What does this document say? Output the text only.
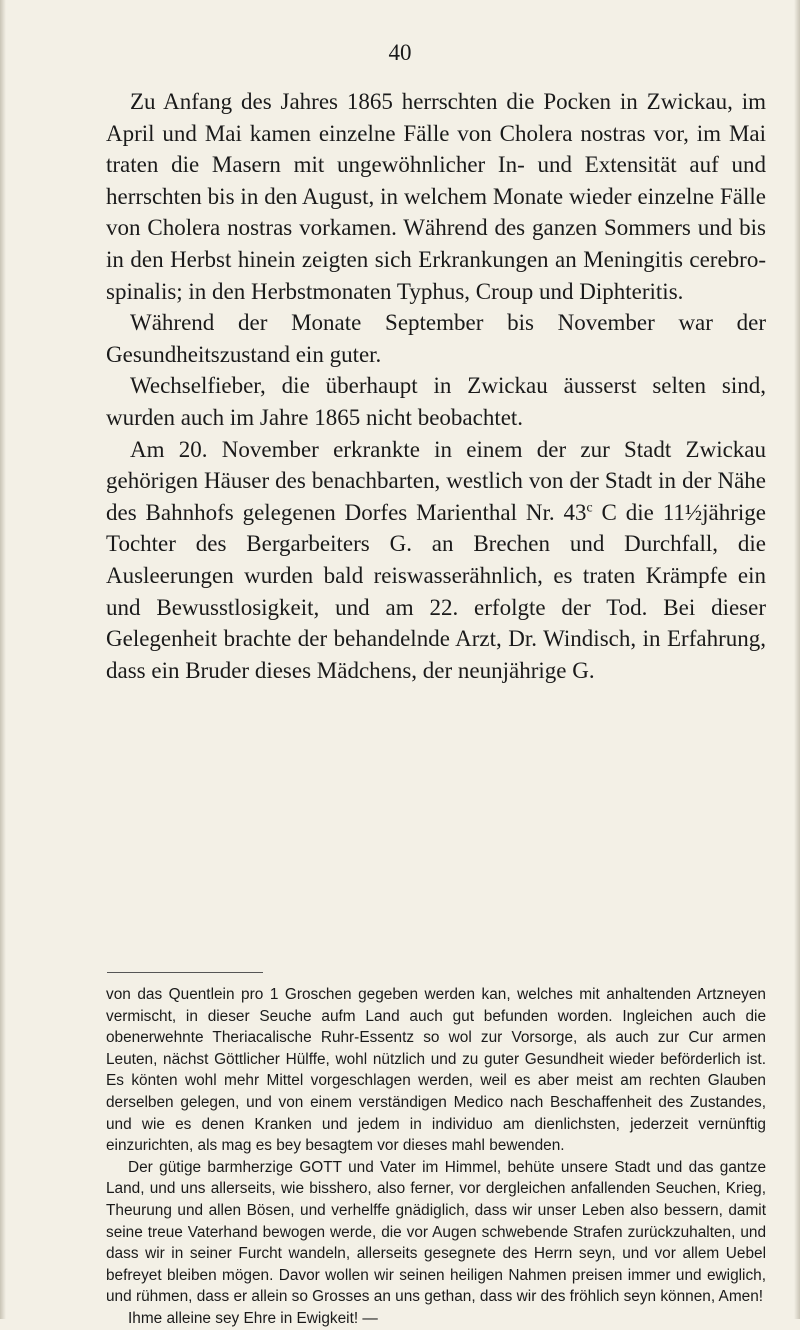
40

Zu Anfang des Jahres 1865 herrschten die Pocken in Zwickau, im April und Mai kamen einzelne Fälle von Cholera nostras vor, im Mai traten die Masern mit ungewöhnlicher In- und Extensität auf und herrschten bis in den August, in welchem Monate wieder einzelne Fälle von Cholera nostras vorkamen. Während des ganzen Sommers und bis in den Herbst hinein zeigten sich Erkrankungen an Meningitis cerebro-spinalis; in den Herbstmonaten Typhus, Croup und Diphteritis.

Während der Monate September bis November war der Gesundheitszustand ein guter.

Wechselfieber, die überhaupt in Zwickau äusserst selten sind, wurden auch im Jahre 1865 nicht beobachtet.

Am 20. November erkrankte in einem der zur Stadt Zwickau gehörigen Häuser des benachbarten, westlich von der Stadt in der Nähe des Bahnhofs gelegenen Dorfes Marienthal Nr. 43$^c$ C die 11½jährige Tochter des Bergarbeiters G. an Brechen und Durchfall, die Ausleerungen wurden bald reiswasserähnlich, es traten Krämpfe ein und Bewusstlosigkeit, und am 22. erfolgte der Tod. Bei dieser Gelegenheit brachte der behandelnde Arzt, Dr. Windisch, in Erfahrung, dass ein Bruder dieses Mädchens, der neunjährige G.

von das Quentlein pro 1 Groschen gegeben werden kan, welches mit anhaltenden Artzneyen vermischt, in dieser Seuche aufm Land auch gut befunden worden. Ingleichen auch die obenerwehnte Theriacalische Ruhr-Essentz so wol zur Vorsorge, als auch zur Cur armen Leuten, nächst Göttlicher Hülffe, wohl nützlich und zu guter Gesundheit wieder beförderlich ist. Es könten wohl mehr Mittel vorgeschlagen werden, weil es aber meist am rechten Glauben derselben gelegen, und von einem verständigen Medico nach Beschaffenheit des Zustandes, und wie es denen Kranken und jedem in individuo am dienlichsten, jederzeit vernünftig einzurichten, als mag es bey besagtem vor dieses mahl bewenden.

Der gütige barmherzige GOTT und Vater im Himmel, behüte unsere Stadt und das gantze Land, und uns allerseits, wie bisshero, also ferner, vor dergleichen anfallenden Seuchen, Krieg, Theurung und allen Bösen, und verhelffe gnädiglich, dass wir unser Leben also bessern, damit seine treue Vaterhand bewogen werde, die vor Augen schwebende Strafen zurückzuhalten, und dass wir in seiner Furcht wandeln, allerseits gesegnete des Herrn seyn, und vor allem Uebel befreyet bleiben mögen. Davor wollen wir seinen heiligen Nahmen preisen immer und ewiglich, und rühmen, dass er allein so Grosses an uns gethan, dass wir des fröhlich seyn können, Amen!

Ihme alleine sey Ehre in Ewigkeit! —
